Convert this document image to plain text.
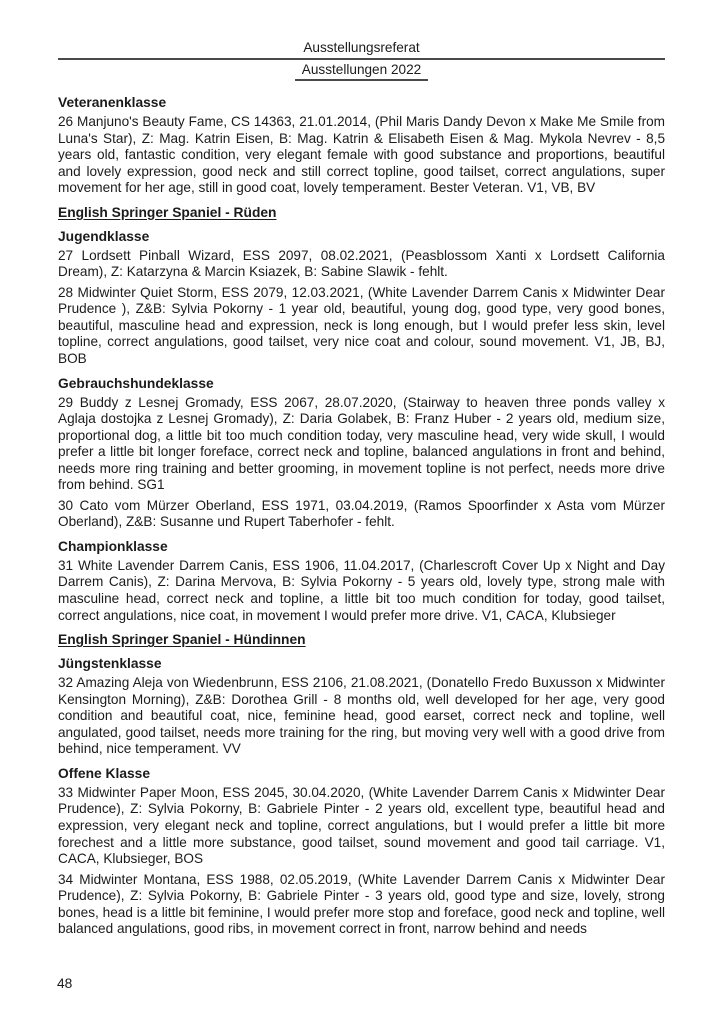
Ausstellungsreferat
Ausstellungen 2022
Veteranenklasse

26 Manjuno's Beauty Fame, CS 14363, 21.01.2014, (Phil Maris Dandy Devon x Make Me Smile from Luna's Star), Z: Mag. Katrin Eisen, B: Mag. Katrin & Elisabeth Eisen & Mag. Mykola Nevrev - 8,5 years old, fantastic condition, very elegant female with good substance and proportions, beautiful and lovely expression, good neck and still correct topline, good tailset, correct angulations, super movement for her age, still in good coat, lovely temperament. Bester Veteran. V1, VB, BV

English Springer Spaniel - Rüden
Jugendklasse

27 Lordsett Pinball Wizard, ESS 2097, 08.02.2021, (Peasblossom Xanti x Lordsett California Dream), Z: Katarzyna & Marcin Ksiazek, B: Sabine Slawik - fehlt.

28 Midwinter Quiet Storm, ESS 2079, 12.03.2021, (White Lavender Darrem Canis x Midwinter Dear Prudence ), Z&B: Sylvia Pokorny - 1 year old, beautiful, young dog, good type, very good bones, beautiful, masculine head and expression, neck is long enough, but I would prefer less skin, level topline, correct angulations, good tailset, very nice coat and colour, sound movement. V1, JB, BJ, BOB

Gebrauchshundeklasse

29 Buddy z Lesnej Gromady, ESS 2067, 28.07.2020, (Stairway to heaven three ponds valley x Aglaja dostojka z Lesnej Gromady), Z: Daria Golabek, B: Franz Huber - 2 years old, medium size, proportional dog, a little bit too much condition today, very masculine head, very wide skull, I would prefer a little bit longer foreface, correct neck and topline, balanced angulations in front and behind, needs more ring training and better grooming, in movement topline is not perfect, needs more drive from behind. SG1

30 Cato vom Mürzer Oberland, ESS 1971, 03.04.2019, (Ramos Spoorfinder x Asta vom Mürzer Oberland), Z&B: Susanne und Rupert Taberhofer - fehlt.

Championklasse

31 White Lavender Darrem Canis, ESS 1906, 11.04.2017, (Charlescroft Cover Up x Night and Day Darrem Canis), Z: Darina Mervova, B: Sylvia Pokorny - 5 years old, lovely type, strong male with masculine head, correct neck and topline, a little bit too much condition for today, good tailset, correct angulations, nice coat, in movement I would prefer more drive. V1, CACA, Klubsieger

English Springer Spaniel - Hündinnen
Jüngstenklasse

32 Amazing Aleja von Wiedenbrunn, ESS 2106, 21.08.2021, (Donatello Fredo Buxusson x Midwinter Kensington Morning), Z&B: Dorothea Grill - 8 months old, well developed for her age, very good condition and beautiful coat, nice, feminine head, good earset, correct neck and topline, well angulated, good tailset, needs more training for the ring, but moving very well with a good drive from behind, nice temperament. VV

Offene Klasse

33 Midwinter Paper Moon, ESS 2045, 30.04.2020, (White Lavender Darrem Canis x Midwinter Dear Prudence), Z: Sylvia Pokorny, B: Gabriele Pinter - 2 years old, excellent type, beautiful head and expression, very elegant neck and topline, correct angulations, but I would prefer a little bit more forechest and a little more substance, good tailset, sound movement and good tail carriage. V1, CACA, Klubsieger, BOS

34 Midwinter Montana, ESS 1988, 02.05.2019, (White Lavender Darrem Canis x Midwinter Dear Prudence), Z: Sylvia Pokorny, B: Gabriele Pinter - 3 years old, good type and size, lovely, strong bones, head is a little bit feminine, I would prefer more stop and foreface, good neck and topline, well balanced angulations, good ribs, in movement correct in front, narrow behind and needs

48
